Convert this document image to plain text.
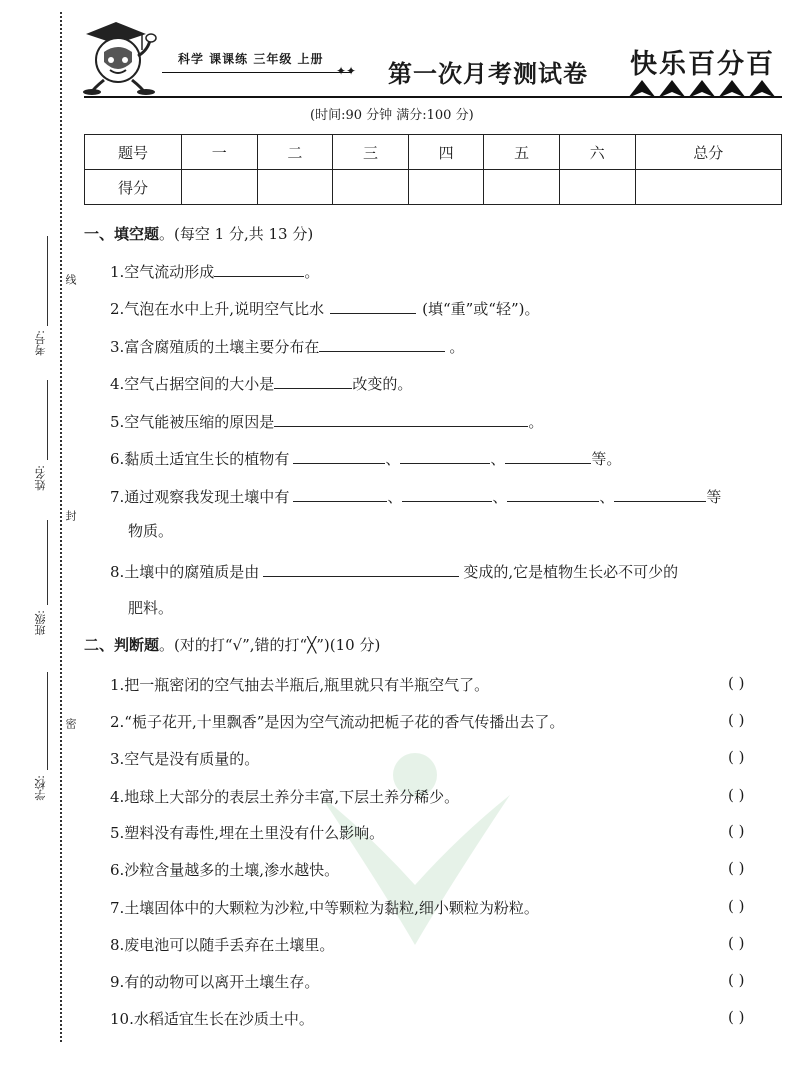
考号:
线
姓名:
封
班级:
密
学校:
科学 课课练 三年级 上册
✦✦ 第一次月考测试卷 快乐百分百
(时间:90 分钟 满分:100 分)
题号	一	二	三	四	五	六	总分
得分							
一、填空题。(每空 1 分,共 13 分)
1.空气流动形成	。
2.气泡在水中上升,说明空气比水	(填“重”或“轻”)。
3.富含腐殖质的土壤主要分布在	。
4.空气占据空间的大小是	改变的。
5.空气能被压缩的原因是	。
6.黏质土适宜生长的植物有	、	、	等。
7.通过观察我发现土壤中有	、	、	、	等
物质。
8.土壤中的腐殖质是由	变成的,它是植物生长必不可少的
肥料。
二、判断题。(对的打“√”,错的打“╳”)(10 分)
1.把一瓶密闭的空气抽去半瓶后,瓶里就只有半瓶空气了。	( )
2.“栀子花开,十里飘香”是因为空气流动把栀子花的香气传播出去了。	( )
3.空气是没有质量的。	( )
4.地球上大部分的表层土养分丰富,下层土养分稀少。	( )
5.塑料没有毒性,埋在土里没有什么影响。	( )
6.沙粒含量越多的土壤,渗水越快。	( )
7.土壤固体中的大颗粒为沙粒,中等颗粒为黏粒,细小颗粒为粉粒。	( )
8.废电池可以随手丢弃在土壤里。	( )
9.有的动物可以离开土壤生存。	( )
10.水稻适宜生长在沙质土中。	( )
